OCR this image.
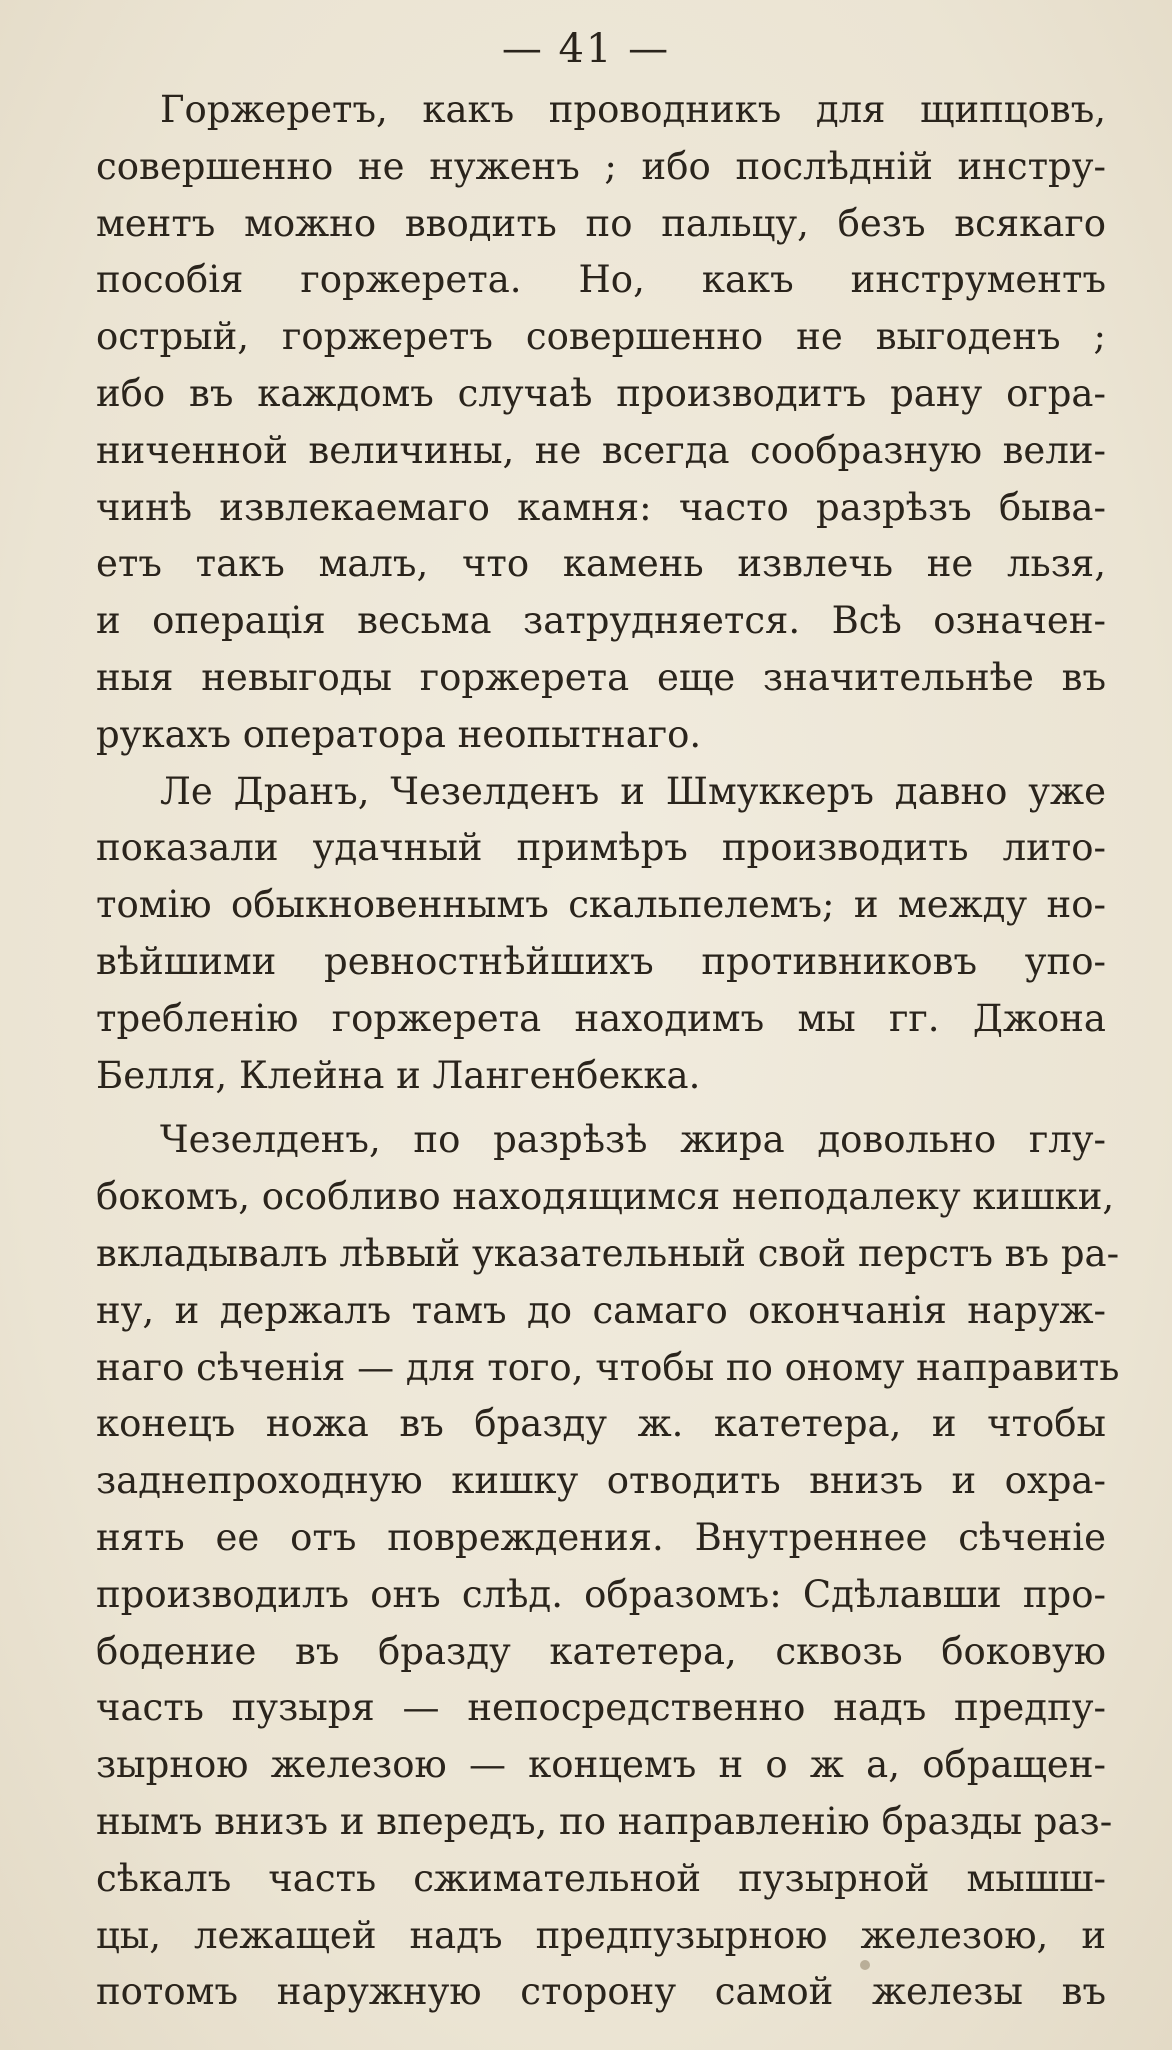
— 41 —
Горжеретъ, какъ проводникъ для щипцовъ,
совершенно не нуженъ ; ибо послѣдній инстру-
ментъ можно вводить по пальцу, безъ всякаго
пособія горжерета. Но, какъ инструментъ
острый, горжеретъ совершенно не выгоденъ ;
ибо въ каждомъ случаѣ производитъ рану огра-
ниченной величины, не всегда сообразную вели-
чинѣ извлекаемаго камня: часто разрѣзъ быва-
етъ такъ малъ, что камень извлечь не льзя,
и операція весьма затрудняется. Всѣ означен-
ныя невыгоды горжерета еще значительнѣе въ
рукахъ оператора неопытнаго.
Ле Дранъ, Чезелденъ и Шмуккеръ давно уже
показали удачный примѣръ производить лито-
томію обыкновеннымъ скальпелемъ; и между но-
вѣйшими ревностнѣйшихъ противниковъ упо-
требленію горжерета находимъ мы гг. Джона
Белля, Клейна и Лангенбекка.
Чезелденъ, по разрѣзѣ жира довольно глу-
бокомъ, особливо находящимся неподалеку кишки,
вкладывалъ лѣвый указательный свой перстъ въ ра-
ну, и держалъ тамъ до самаго окончанія наруж-
наго сѣченія — для того, чтобы по оному направить
конецъ ножа въ бразду ж. катетера, и чтобы
заднепроходную кишку отводить внизъ и охра-
нять ее отъ повреждения. Внутреннее сѣченіе
производилъ онъ слѣд. образомъ: Сдѣлавши про-
бодение въ бразду катетера, сквозь боковую
часть пузыря — непосредственно надъ предпу-
зырною железою — концемъ н о ж а, обращен-
нымъ внизъ и впередъ, по направленію бразды раз-
сѣкалъ часть сжимательной пузырной мышш-
цы, лежащей надъ предпузырною железою, и
потомъ наружную сторону самой железы въ
